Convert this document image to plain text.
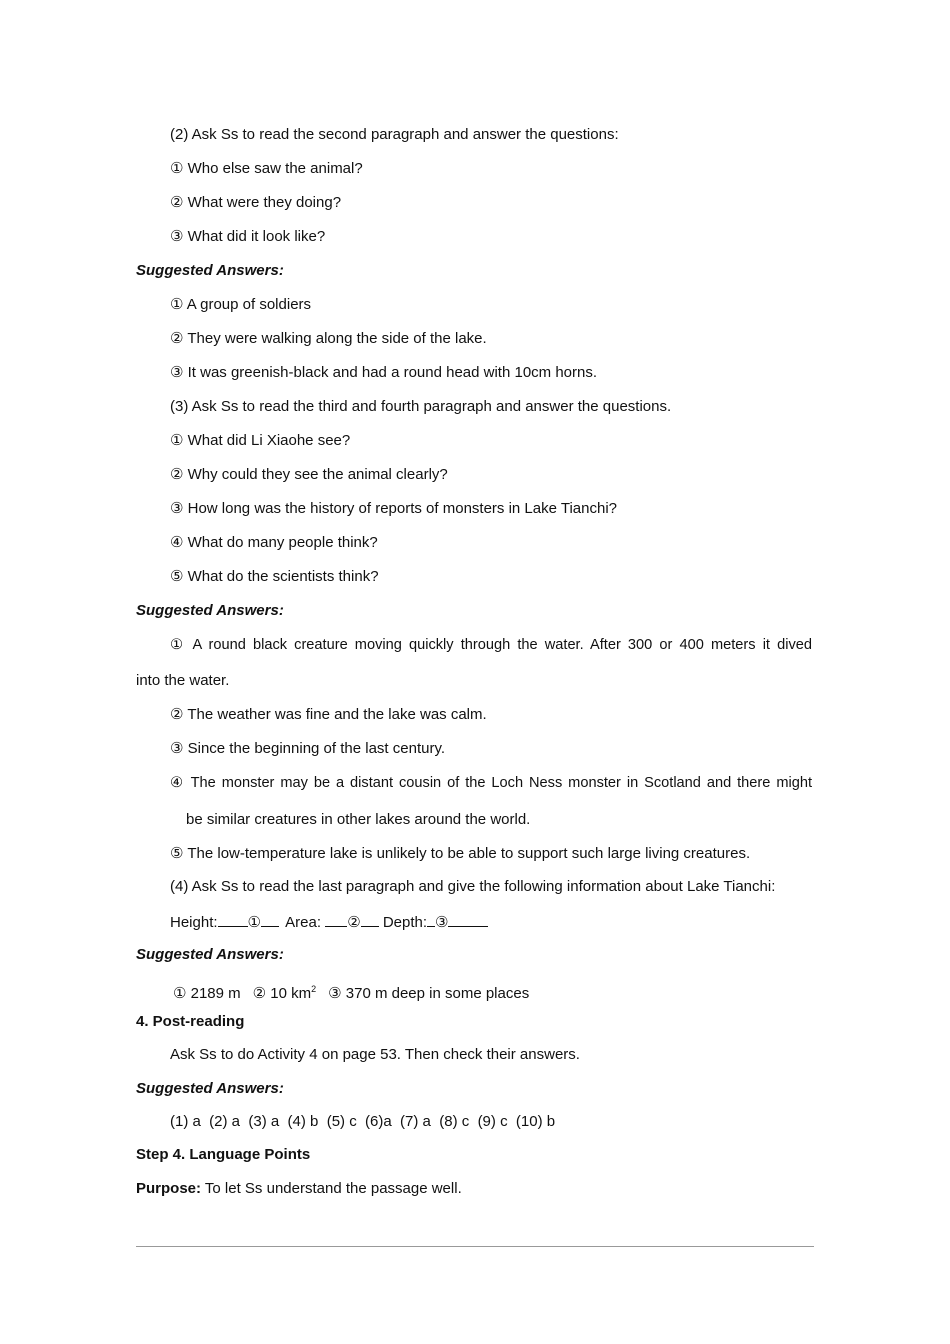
(2) Ask Ss to read the second paragraph and answer the questions:
① Who else saw the animal?
② What were they doing?
③ What did it look like?
Suggested Answers:
① A group of soldiers
② They were walking along the side of the lake.
③ It was greenish-black and had a round head with 10cm horns.
(3) Ask Ss to read the third and fourth paragraph and answer the questions.
① What did Li Xiaohe see?
② Why could they see the animal clearly?
③ How long was the history of reports of monsters in Lake Tianchi?
④ What do many people think?
⑤ What do the scientists think?
Suggested Answers:
① A round black creature moving quickly through the water. After 300 or 400 meters it dived
into the water.
② The weather was fine and the lake was calm.
③ Since the beginning of the last century.
④ The monster may be a distant cousin of the Loch Ness monster in Scotland and there might
be similar creatures in other lakes around the world.
⑤ The low-temperature lake is unlikely to be able to support such large living creatures.
(4) Ask Ss to read the last paragraph and give the following information about Lake Tianchi:
Height: ① Area: ② Depth: ③
Suggested Answers:
① 2189 m ② 10 $km^2$ ③ 370 m deep in some places
4. Post-reading
Ask Ss to do Activity 4 on page 53. Then check their answers.
Suggested Answers:
(1) a  (2) a  (3) a  (4) b  (5) c  (6)a  (7) a  (8) c  (9) c  (10) b
Step 4. Language Points
Purpose: To let Ss understand the passage well.
